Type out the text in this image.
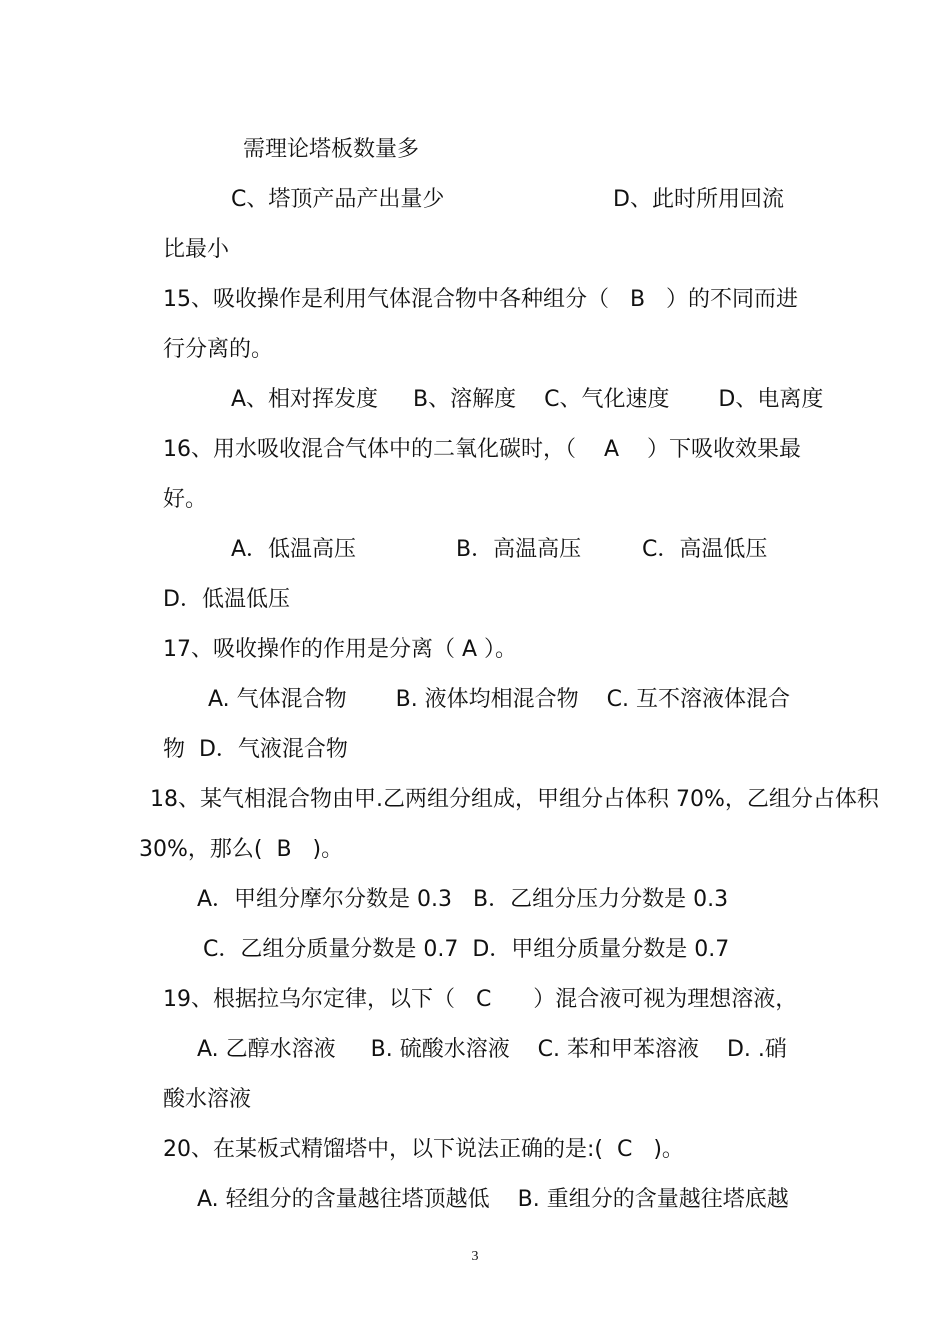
需理论塔板数量多
C、塔顶产品产出量少	D、此时所用回流
比最小
15、吸收操作是利用气体混合物中各种组分（   B   ）的不同而进
行分离的。
A、相对挥发度     B、溶解度    C、气化速度       D、电离度
16、用水吸收混合气体中的二氧化碳时，（    A    ）下吸收效果最
好。
A．低温高压	B．高温高压	C．高温低压
D．低温低压
17、吸收操作的作用是分离（ A ）。
A. 气体混合物       B. 液体均相混合物    C. 互不溶液体混合
物  D．气液混合物
18、某气相混合物由甲.乙两组分组成，甲组分占体积 70%，乙组分占体积
30%，那么(  B   )。
A．甲组分摩尔分数是 0.3   B．乙组分压力分数是 0.3
C．乙组分质量分数是 0.7  D．甲组分质量分数是 0.7
19、根据拉乌尔定律，以下（   C      ）混合液可视为理想溶液，
A. 乙醇水溶液     B. 硫酸水溶液    C. 苯和甲苯溶液    D. .硝
酸水溶液
20、在某板式精馏塔中，以下说法正确的是:(  C   )。
A. 轻组分的含量越往塔顶越低    B. 重组分的含量越往塔底越
3
